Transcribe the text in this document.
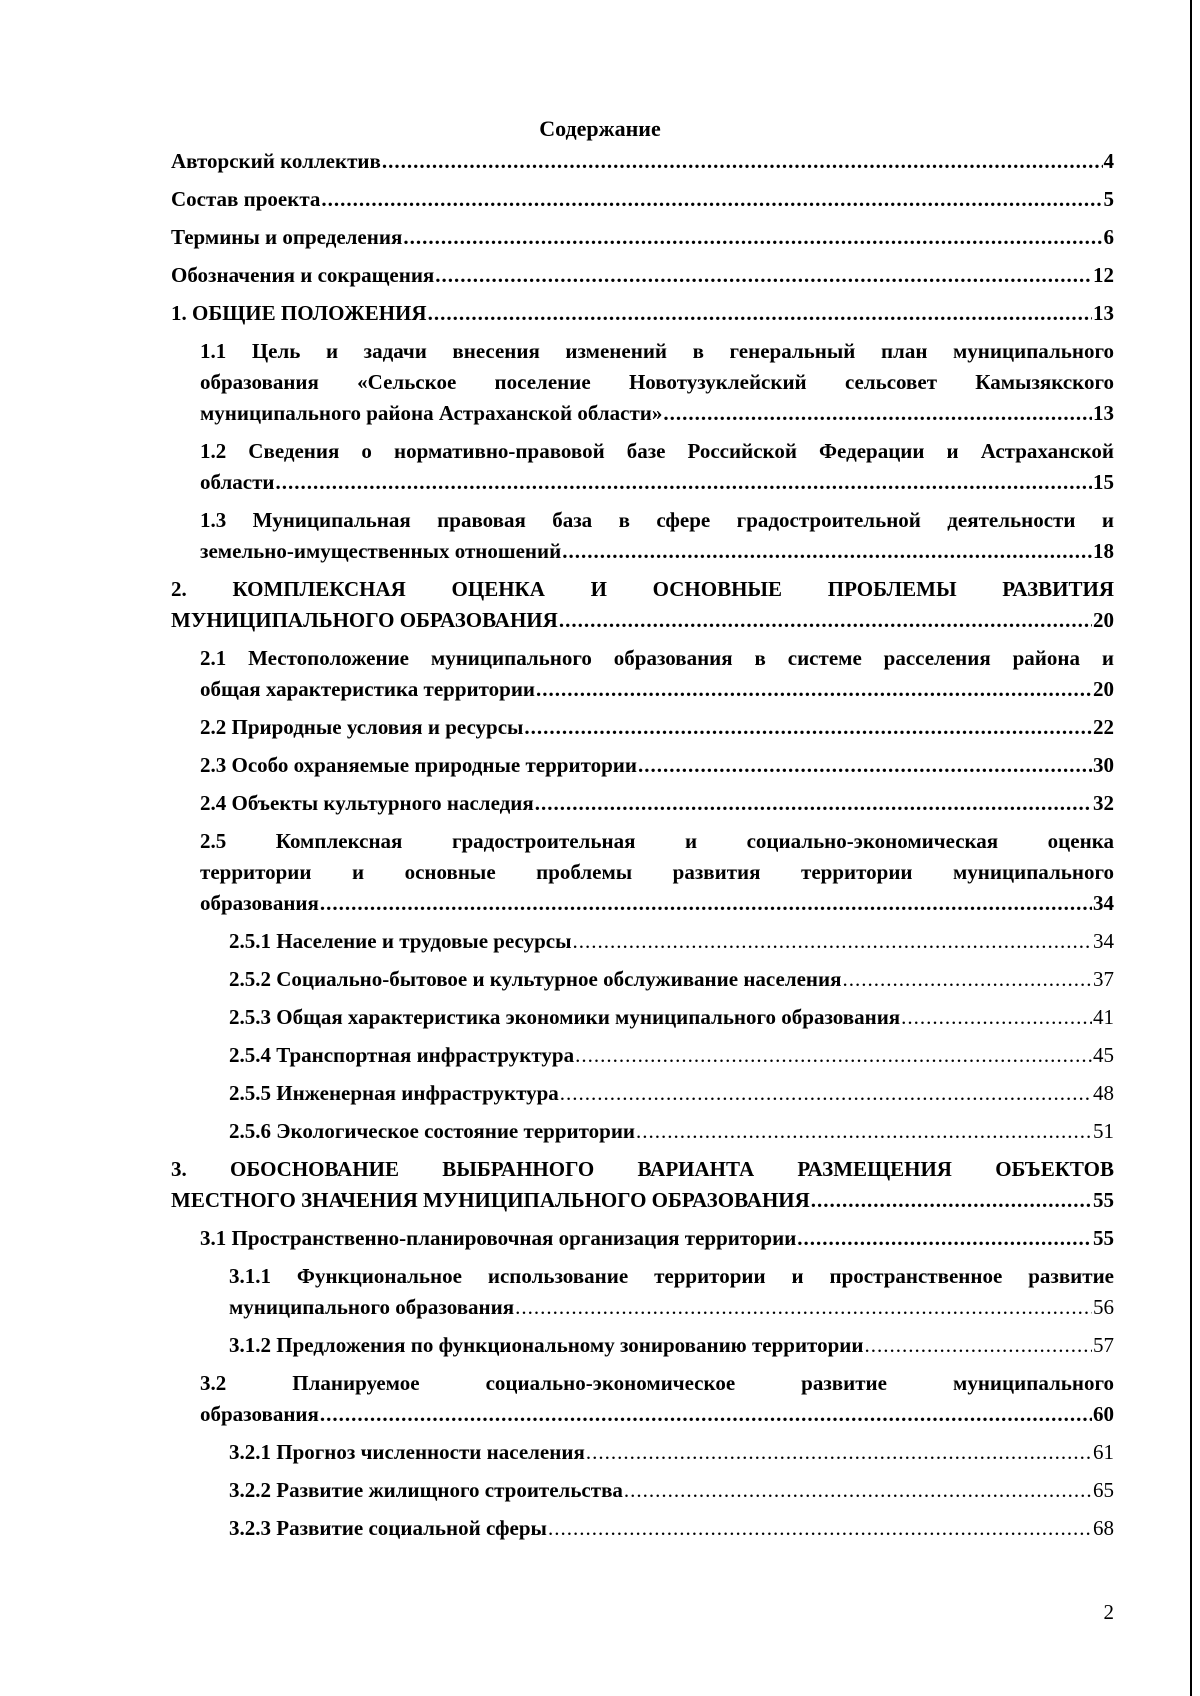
Содержание
Авторский коллектив .....	4
Состав проекта .....	5
Термины и определения .....	6
Обозначения и сокращения .....	12
1. ОБЩИЕ ПОЛОЖЕНИЯ .....	13
1.1 Цель и задачи внесения изменений в генеральный план муниципального
образования «Сельское поселение Новотузуклейский сельсовет Камызякского
муниципального района Астраханской области» .....	13
1.2 Сведения о нормативно-правовой базе Российской Федерации и Астраханской
области .....	15
1.3 Муниципальная правовая база в сфере градостроительной деятельности и
земельно-имущественных отношений .....	18
2. КОМПЛЕКСНАЯ ОЦЕНКА И ОСНОВНЫЕ ПРОБЛЕМЫ РАЗВИТИЯ
МУНИЦИПАЛЬНОГО ОБРАЗОВАНИЯ .....	20
2.1 Местоположение муниципального образования в системе расселения района и
общая характеристика территории .....	20
2.2 Природные условия и ресурсы .....	22
2.3 Особо охраняемые природные территории .....	30
2.4 Объекты культурного наследия .....	32
2.5 Комплексная градостроительная и социально-экономическая оценка
территории и основные проблемы развития территории муниципального
образования .....	34
2.5.1 Население и трудовые ресурсы .....	34
2.5.2 Социально-бытовое и культурное обслуживание населения .....	37
2.5.3 Общая характеристика экономики муниципального образования .....	41
2.5.4 Транспортная инфраструктура .....	45
2.5.5 Инженерная инфраструктура .....	48
2.5.6 Экологическое состояние территории .....	51
3. ОБОСНОВАНИЕ ВЫБРАННОГО ВАРИАНТА РАЗМЕЩЕНИЯ ОБЪЕКТОВ
МЕСТНОГО ЗНАЧЕНИЯ МУНИЦИПАЛЬНОГО ОБРАЗОВАНИЯ .....	55
3.1 Пространственно-планировочная организация территории .....	55
3.1.1 Функциональное использование территории и пространственное развитие
муниципального образования .....	56
3.1.2 Предложения по функциональному зонированию территории .....	57
3.2 Планируемое социально-экономическое развитие муниципального
образования .....	60
3.2.1 Прогноз численности населения .....	61
3.2.2 Развитие жилищного строительства .....	65
3.2.3 Развитие социальной сферы .....	68
2
